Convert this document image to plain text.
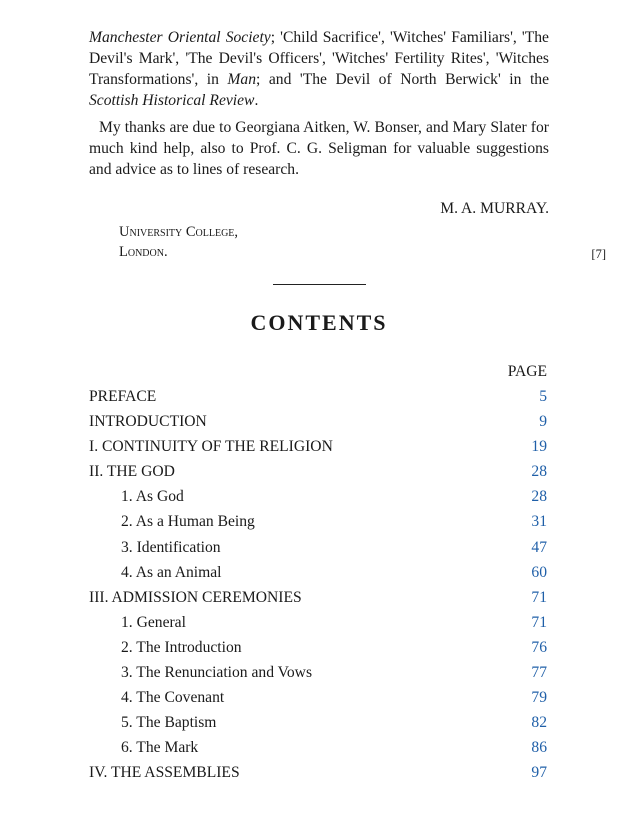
Manchester Oriental Society; 'Child Sacrifice', 'Witches' Familiars', 'The Devil's Mark', 'The Devil's Officers', 'Witches' Fertility Rites', 'Witches Transformations', in Man; and 'The Devil of North Berwick' in the Scottish Historical Review.

My thanks are due to Georgiana Aitken, W. Bonser, and Mary Slater for much kind help, also to Prof. C. G. Seligman for valuable suggestions and advice as to lines of research.

M. A. MURRAY.
University College,
London.	[7]
CONTENTS
PAGE
PREFACE	5
INTRODUCTION	9
I. CONTINUITY OF THE RELIGION	19
II. THE GOD	28
1. As God	28
2. As a Human Being	31
3. Identification	47
4. As an Animal	60
III. ADMISSION CEREMONIES	71
1. General	71
2. The Introduction	76
3. The Renunciation and Vows	77
4. The Covenant	79
5. The Baptism	82
6. The Mark	86
IV. THE ASSEMBLIES	97
